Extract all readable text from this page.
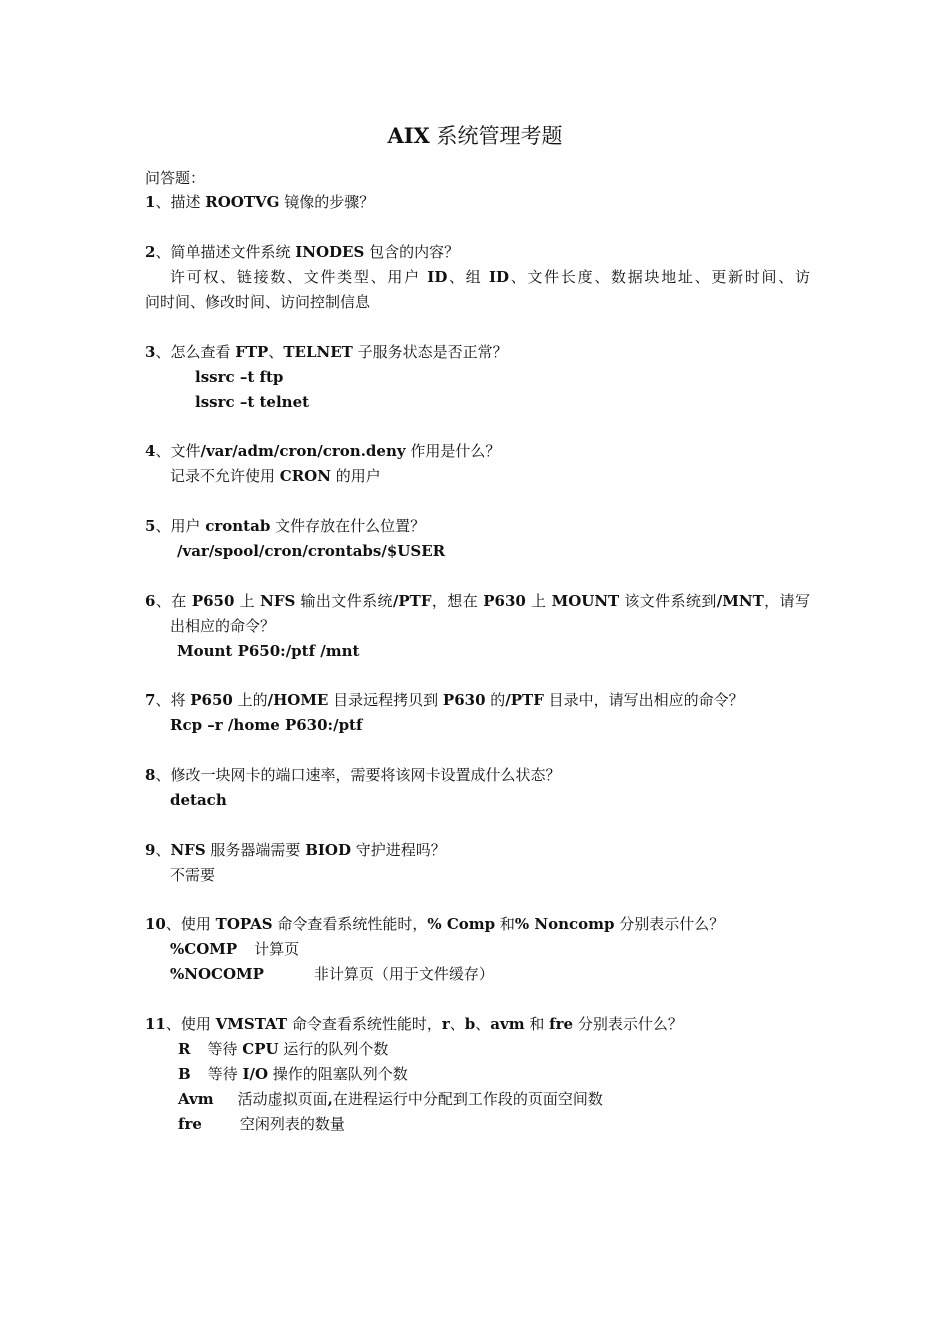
AIX 系统管理考题
问答题：
1、描述 ROOTVG 镜像的步骤？
2、简单描述文件系统 INODES 包含的内容？
许可权、链接数、文件类型、用户 ID、组 ID、文件长度、数据块地址、更新时间、访
问时间、修改时间、访问控制信息
3、怎么查看 FTP、TELNET 子服务状态是否正常？
lssrc –t ftp
lssrc –t telnet
4、文件/var/adm/cron/cron.deny 作用是什么？
记录不允许使用 CRON 的用户
5、用户 crontab 文件存放在什么位置？
/var/spool/cron/crontabs/$USER
6、在 P650 上 NFS 输出文件系统/PTF，想在 P630 上 MOUNT 该文件系统到/MNT，请写
出相应的命令？
Mount P650:/ptf /mnt
7、将 P650 上的/HOME 目录远程拷贝到 P630 的/PTF 目录中，请写出相应的命令？
Rcp –r /home P630:/ptf
8、修改一块网卡的端口速率，需要将该网卡设置成什么状态？
detach
9、NFS 服务器端需要 BIOD 守护进程吗？
不需要
10、使用 TOPAS 命令查看系统性能时，% Comp 和% Noncomp 分别表示什么？
%COMP 计算页
%NOCOMP	非计算页（用于文件缓存）
11、使用 VMSTAT 命令查看系统性能时，r、b、avm 和 fre 分别表示什么？
R 等待 CPU 运行的队列个数
B 等待 I/O 操作的阻塞队列个数
Avm 活动虚拟页面,在进程运行中分配到工作段的页面空间数
fre	空闲列表的数量
